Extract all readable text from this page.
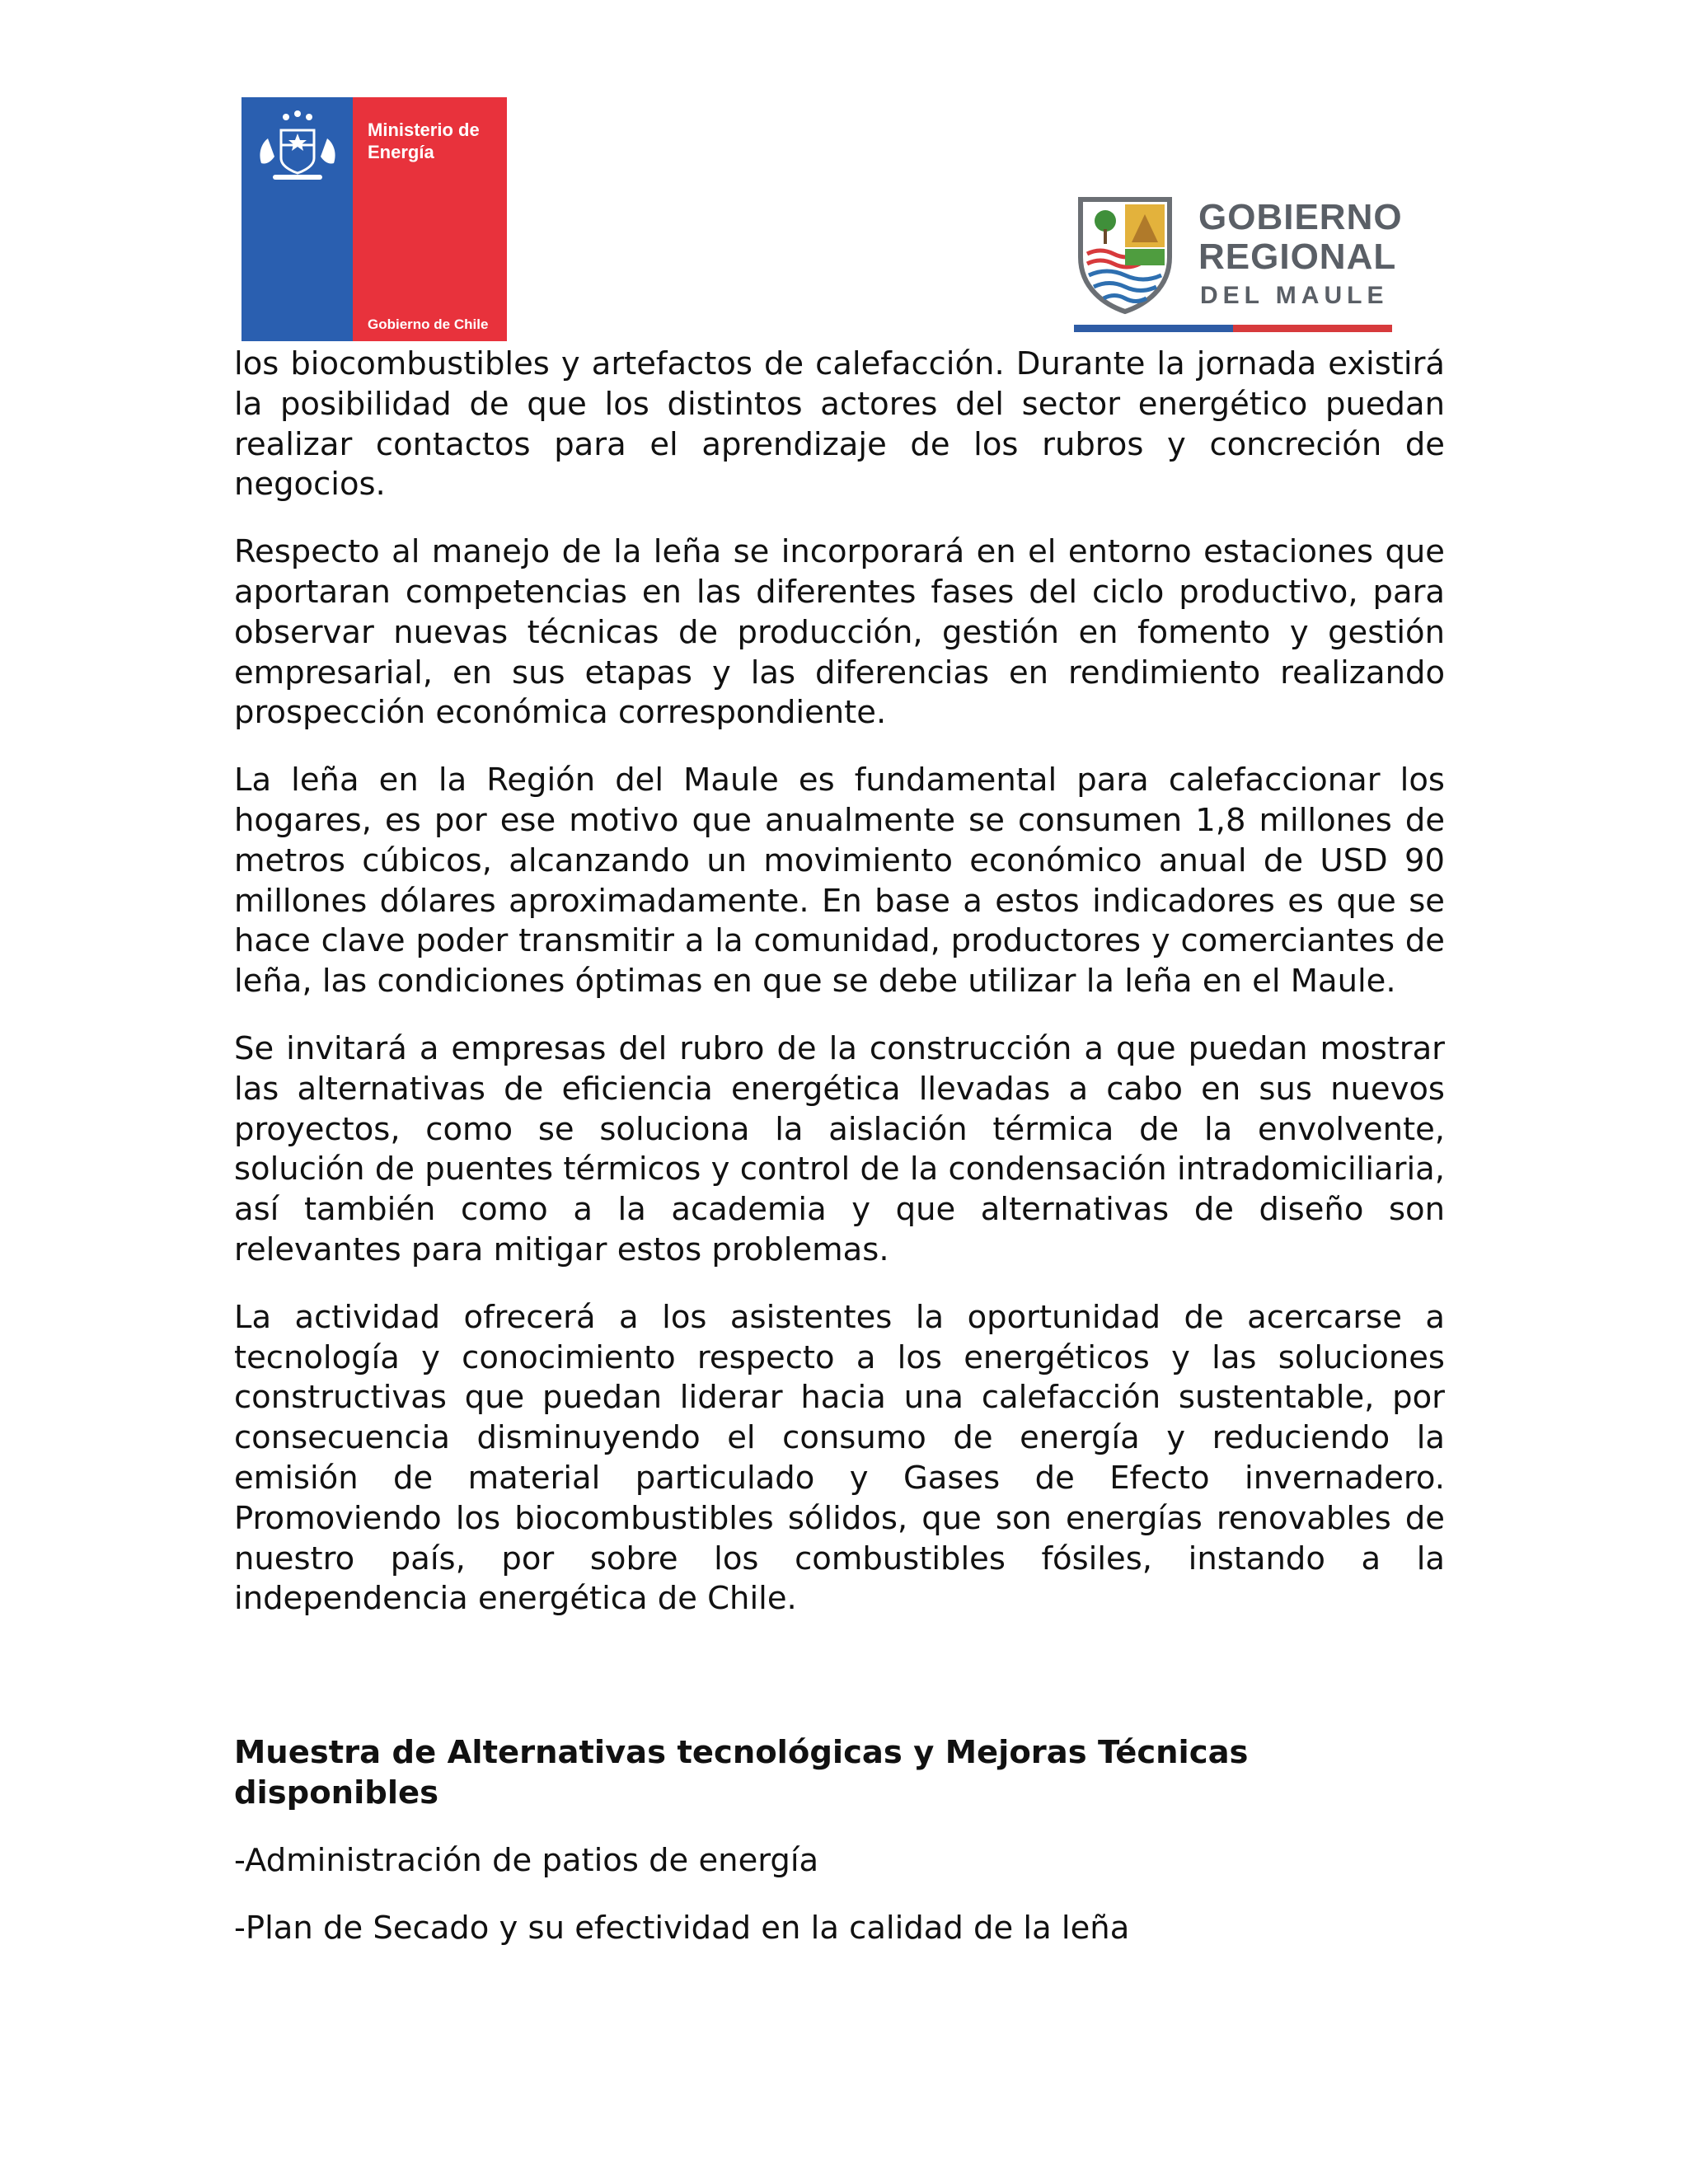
Ministerio de
Energía
Gobierno de Chile
GOBIERNO
REGIONAL
DEL MAULE

los biocombustibles y artefactos de calefacción. Durante la jornada existirá la posibilidad de que los distintos actores del sector energético puedan realizar contactos para el aprendizaje de los rubros y concreción de negocios.

Respecto al manejo de la leña se incorporará en el entorno estaciones que aportaran competencias en las diferentes fases del ciclo productivo, para observar nuevas técnicas de producción, gestión en fomento y gestión empresarial, en sus etapas y las diferencias en rendimiento realizando prospección económica correspondiente.

La leña en la Región del Maule es fundamental para calefaccionar los hogares, es por ese motivo que anualmente se consumen 1,8 millones de metros cúbicos, alcanzando un movimiento económico anual de USD 90 millones dólares aproximadamente. En base a estos indicadores es que se hace clave poder transmitir a la comunidad, productores y comerciantes de leña, las condiciones óptimas en que se debe utilizar la leña en el Maule.

Se invitará a empresas del rubro de la construcción a que puedan mostrar las alternativas de eficiencia energética llevadas a cabo en sus nuevos proyectos, como se soluciona la aislación térmica de la envolvente, solución de puentes térmicos y control de la condensación intradomiciliaria, así también como a la academia y que alternativas de diseño son relevantes para mitigar estos problemas.

La actividad ofrecerá a los asistentes la oportunidad de acercarse a tecnología y conocimiento respecto a los energéticos y las soluciones constructivas que puedan liderar hacia una calefacción sustentable, por consecuencia disminuyendo el consumo de energía y reduciendo la emisión de material particulado y Gases de Efecto invernadero. Promoviendo los biocombustibles sólidos, que son energías renovables de nuestro país, por sobre los combustibles fósiles, instando a la independencia energética de Chile.

Muestra de Alternativas tecnológicas y Mejoras Técnicas disponibles

-Administración de patios de energía

-Plan de Secado y su efectividad en la calidad de la leña
